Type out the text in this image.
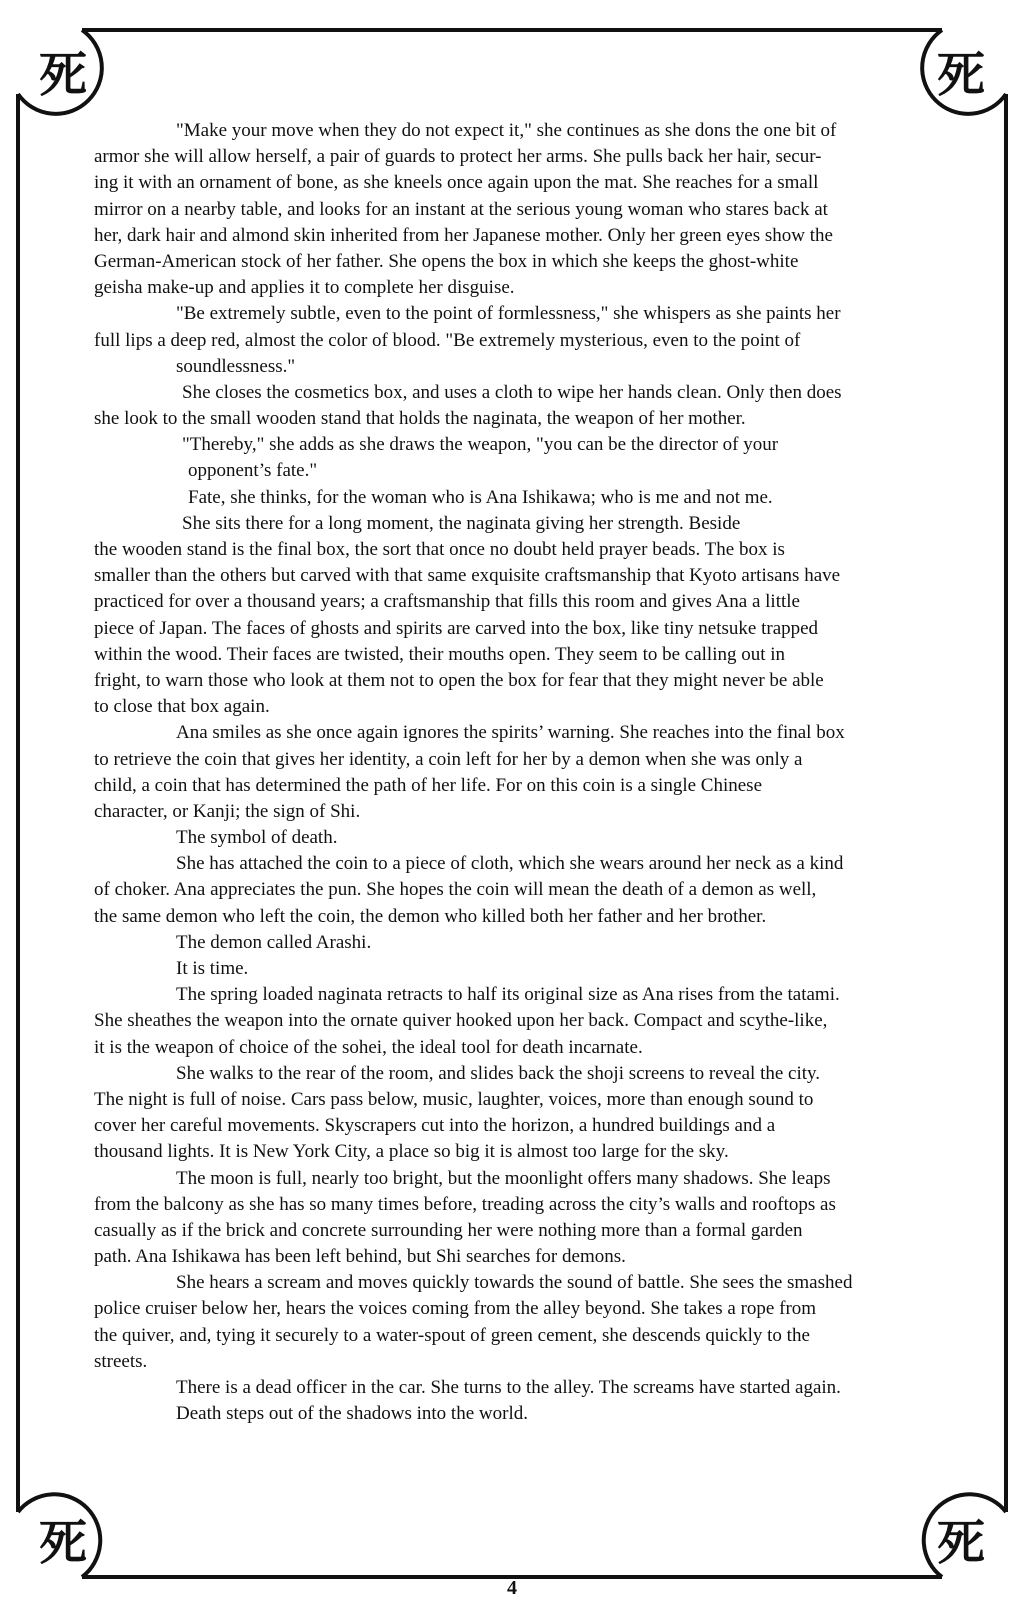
死	死
死	死
"Make your move when they do not expect it," she continues as she dons the one bit of
armor she will allow herself, a pair of guards to protect her arms. She pulls back her hair, secur-
ing it with an ornament of bone, as she kneels once again upon the mat. She reaches for a small
mirror on a nearby table, and looks for an instant at the serious young woman who stares back at
her, dark hair and almond skin inherited from her Japanese mother. Only her green eyes show the
German-American stock of her father. She opens the box in which she keeps the ghost-white
geisha make-up and applies it to complete her disguise.
"Be extremely subtle, even to the point of formlessness," she whispers as she paints her
full lips a deep red, almost the color of blood. "Be extremely mysterious, even to the point of
soundlessness."
She closes the cosmetics box, and uses a cloth to wipe her hands clean. Only then does
she look to the small wooden stand that holds the naginata, the weapon of her mother.
"Thereby," she adds as she draws the weapon, "you can be the director of your
opponent’s fate."
Fate, she thinks, for the woman who is Ana Ishikawa; who is me and not me.
She sits there for a long moment, the naginata giving her strength. Beside
the wooden stand is the final box, the sort that once no doubt held prayer beads. The box is
smaller than the others but carved with that same exquisite craftsmanship that Kyoto artisans have
practiced for over a thousand years; a craftsmanship that fills this room and gives Ana a little
piece of Japan. The faces of ghosts and spirits are carved into the box, like tiny netsuke trapped
within the wood. Their faces are twisted, their mouths open. They seem to be calling out in
fright, to warn those who look at them not to open the box for fear that they might never be able
to close that box again.
Ana smiles as she once again ignores the spirits’ warning. She reaches into the final box
to retrieve the coin that gives her identity, a coin left for her by a demon when she was only a
child, a coin that has determined the path of her life. For on this coin is a single Chinese
character, or Kanji; the sign of Shi.
The symbol of death.
She has attached the coin to a piece of cloth, which she wears around her neck as a kind
of choker. Ana appreciates the pun. She hopes the coin will mean the death of a demon as well,
the same demon who left the coin, the demon who killed both her father and her brother.
The demon called Arashi.
It is time.
The spring loaded naginata retracts to half its original size as Ana rises from the tatami.
She sheathes the weapon into the ornate quiver hooked upon her back. Compact and scythe-like,
it is the weapon of choice of the sohei, the ideal tool for death incarnate.
She walks to the rear of the room, and slides back the shoji screens to reveal the city.
The night is full of noise. Cars pass below, music, laughter, voices, more than enough sound to
cover her careful movements. Skyscrapers cut into the horizon, a hundred buildings and a
thousand lights. It is New York City, a place so big it is almost too large for the sky.
The moon is full, nearly too bright, but the moonlight offers many shadows. She leaps
from the balcony as she has so many times before, treading across the city’s walls and rooftops as
casually as if the brick and concrete surrounding her were nothing more than a formal garden
path. Ana Ishikawa has been left behind, but Shi searches for demons.
She hears a scream and moves quickly towards the sound of battle. She sees the smashed
police cruiser below her, hears the voices coming from the alley beyond. She takes a rope from
the quiver, and, tying it securely to a water-spout of green cement, she descends quickly to the
streets.
There is a dead officer in the car. She turns to the alley. The screams have started again.
Death steps out of the shadows into the world.
4
